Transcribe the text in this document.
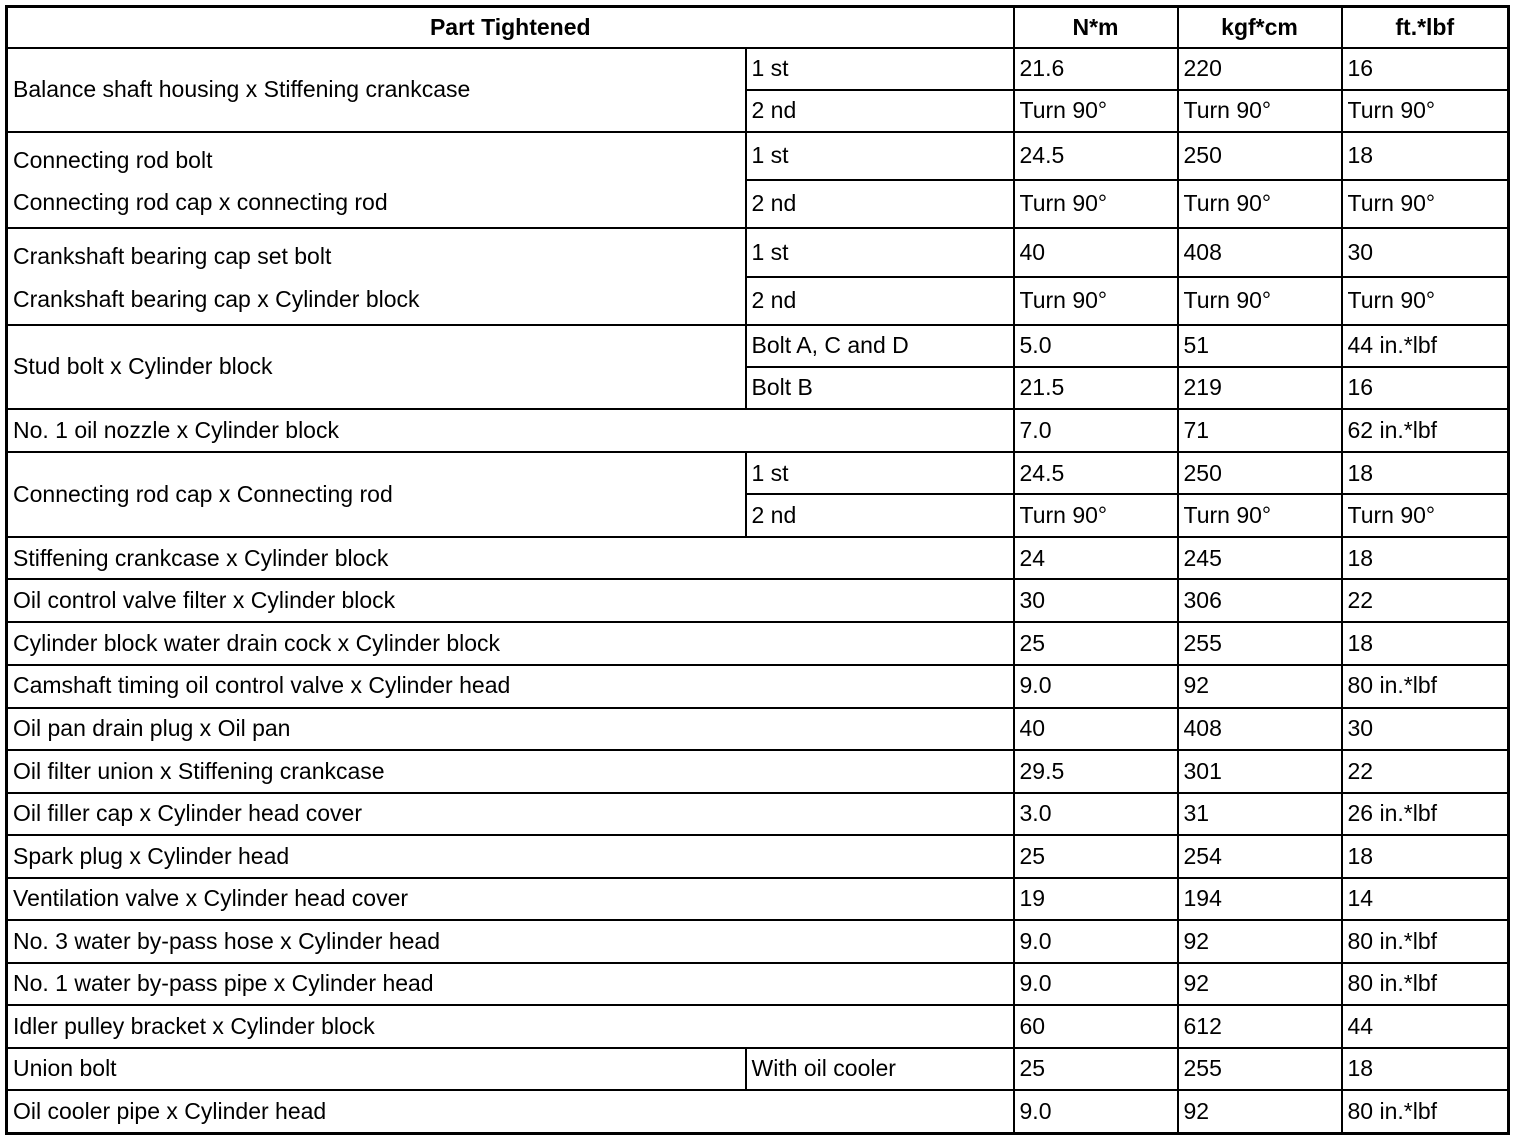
Part Tightened		N*m	kgf*cm	ft.*lbf
Balance shaft housing x Stiffening crankcase	1 st	21.6	220	16
	2 nd	Turn 90°	Turn 90°	Turn 90°

Connecting rod bolt
Connecting rod cap x connecting rod	1 st	24.5	250	18
	2 nd	Turn 90°	Turn 90°	Turn 90°

Crankshaft bearing cap set bolt
Crankshaft bearing cap x Cylinder block	1 st	40	408	30
	2 nd	Turn 90°	Turn 90°	Turn 90°
Stud bolt x Cylinder block	Bolt A, C and D	5.0	51	44 in.*lbf
	Bolt B	21.5	219	16
No. 1 oil nozzle x Cylinder block		7.0	71	62 in.*lbf
Connecting rod cap x Connecting rod	1 st	24.5	250	18
	2 nd	Turn 90°	Turn 90°	Turn 90°
Stiffening crankcase x Cylinder block		24	245	18
Oil control valve filter x Cylinder block		30	306	22
Cylinder block water drain cock x Cylinder block		25	255	18
Camshaft timing oil control valve x Cylinder head		9.0	92	80 in.*lbf
Oil pan drain plug x Oil pan		40	408	30
Oil filter union x Stiffening crankcase		29.5	301	22
Oil filler cap x Cylinder head cover		3.0	31	26 in.*lbf
Spark plug x Cylinder head		25	254	18
Ventilation valve x Cylinder head cover		19	194	14
No. 3 water by-pass hose x Cylinder head		9.0	92	80 in.*lbf
No. 1 water by-pass pipe x Cylinder head		9.0	92	80 in.*lbf
Idler pulley bracket x Cylinder block		60	612	44
Union bolt	With oil cooler	25	255	18
Oil cooler pipe x Cylinder head		9.0	92	80 in.*lbf
